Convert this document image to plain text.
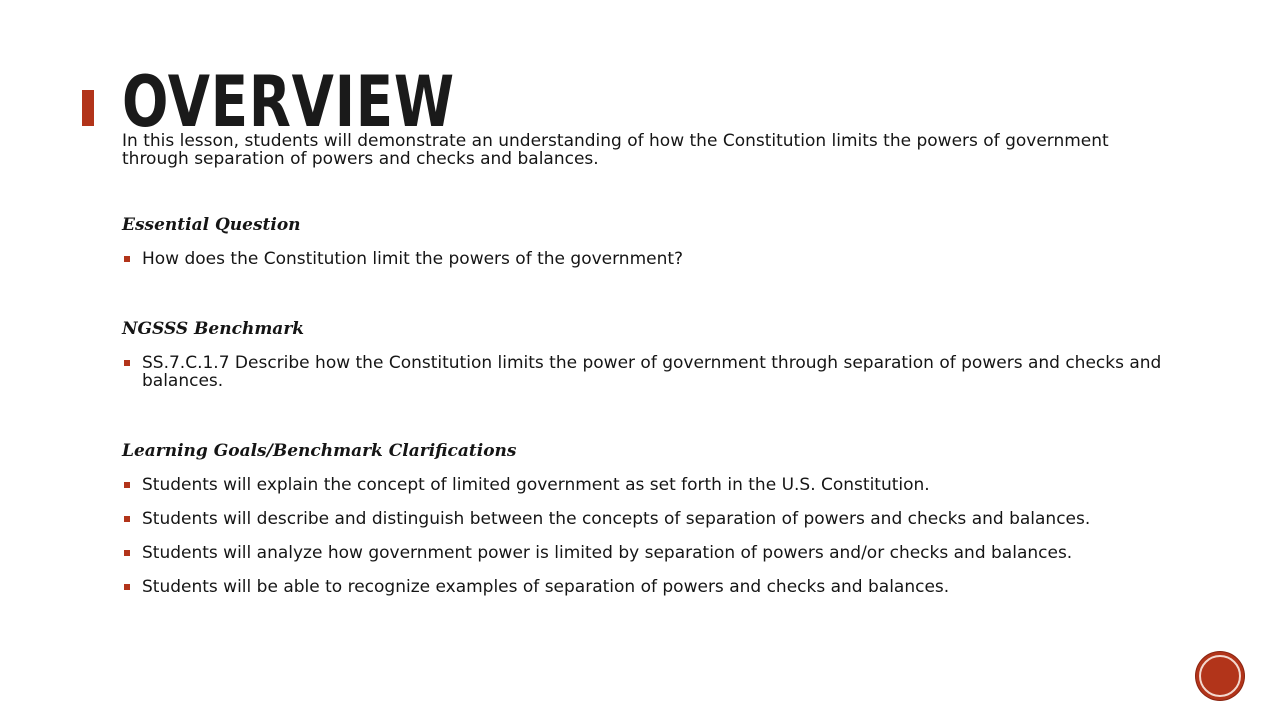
OVERVIEW

In this lesson, students will demonstrate an understanding of how the Constitution limits the powers of government through separation of powers and checks and balances.

Essential Question

How does the Constitution limit the powers of the government?

NGSSS Benchmark

SS.7.C.1.7 Describe how the Constitution limits the power of government through separation of powers and checks and balances.

Learning Goals/Benchmark Clarifications

Students will explain the concept of limited government as set forth in the U.S. Constitution.
Students will describe and distinguish between the concepts of separation of powers and checks and balances.
Students will analyze how government power is limited by separation of powers and/or checks and balances.
Students will be able to recognize examples of separation of powers and checks and balances.
